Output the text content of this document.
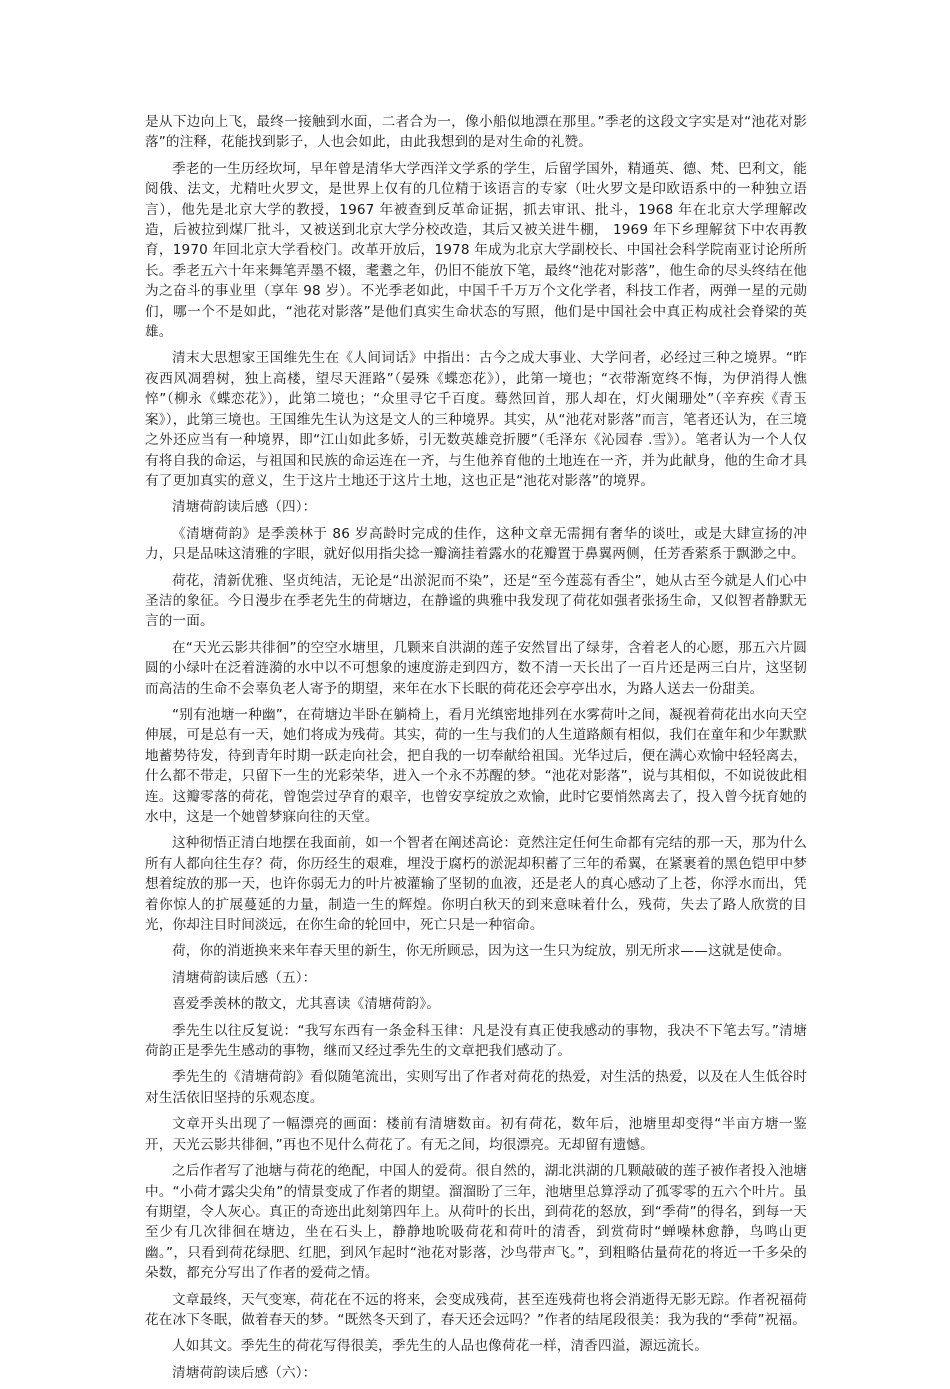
是从下边向上飞，最终一接触到水面，二者合为一，像小船似地漂在那里。”季老的这段文字实是对“池花对影落”的注释，花能找到影子，人也会如此，由此我想到的是对生命的礼赞。

季老的一生历经坎坷，早年曾是清华大学西洋文学系的学生，后留学国外，精通英、德、梵、巴利文，能阅俄、法文，尤精吐火罗文，是世界上仅有的几位精于该语言的专家（吐火罗文是印欧语系中的一种独立语言），他先是北京大学的教授，1967 年被查到反革命证据，抓去审讯、批斗，1968 年在北京大学理解改造，后被拉到煤厂批斗，又被送到北京大学分校改造，其后又被关进牛棚， 1969 年下乡理解贫下中农再教育，1970 年回北京大学看校门。改革开放后，1978 年成为北京大学副校长、中国社会科学院南亚讨论所所长。季老五六十年来舞笔弄墨不辍，耄耋之年，仍旧不能放下笔，最终“池花对影落”，他生命的尽头终结在他为之奋斗的事业里（享年 98 岁）。不光季老如此，中国千千万万个文化学者，科技工作者，两弹一星的元勋们，哪一个不是如此，“池花对影落”是他们真实生命状态的写照，他们是中国社会中真正构成社会脊梁的英雄。

清末大思想家王国维先生在《人间词话》中指出：古今之成大事业、大学问者，必经过三种之境界。“昨夜西风凋碧树，独上高楼，望尽天涯路”（晏殊《蝶恋花》），此第一境也；“衣带渐宽终不悔，为伊消得人憔悴”（柳永《蝶恋花》），此第二境也；“众里寻它千百度。蓦然回首，那人却在，灯火阑珊处”（辛弃疾《青玉案》），此第三境也。王国维先生认为这是文人的三种境界。其实，从“池花对影落”而言，笔者还认为，在三境之外还应当有一种境界，即“江山如此多娇，引无数英雄竞折腰”（毛泽东《沁园春 .雪》）。笔者认为一个人仅有将自我的命运，与祖国和民族的命运连在一齐，与生他养育他的土地连在一齐，并为此献身，他的生命才具有了更加真实的意义，生于这片土地还于这片土地，这也正是“池花对影落”的境界。

清塘荷韵读后感（四）：

《清塘荷韵》是季羡林于 86 岁高龄时完成的佳作，这种文章无需拥有奢华的谈吐，或是大肆宣扬的冲力，只是品味这清雅的字眼，就好似用指尖捻一瓣滴挂着露水的花瓣置于鼻翼两侧，任芳香萦系于飘渺之中。

荷花，清新优雅、坚贞纯洁，无论是“出淤泥而不染”，还是“至今莲蕊有香尘”，她从古至今就是人们心中圣洁的象征。今日漫步在季老先生的荷塘边，在静谧的典雅中我发现了荷花如强者张扬生命，又似智者静默无言的一面。

在“天光云影共徘徊”的空空水塘里，几颗来自洪湖的莲子安然冒出了绿芽，含着老人的心愿，那五六片圆圆的小绿叶在泛着涟漪的水中以不可想象的速度游走到四方，数不清一天长出了一百片还是两三白片，这坚韧而高洁的生命不会辜负老人寄予的期望，来年在水下长眠的荷花还会亭亭出水，为路人送去一份甜美。

“别有池塘一种幽”，在荷塘边半卧在躺椅上，看月光缜密地排列在水雾荷叶之间，凝视着荷花出水向天空伸展，可是总有一天，她们将成为残荷。其实，荷的一生与我们的人生道路颇有相似，我们在童年和少年默默地蓄势待发，待到青年时期一跃走向社会，把自我的一切奉献给祖国。光华过后，便在满心欢愉中轻轻离去，什么都不带走，只留下一生的光彩荣华，进入一个永不苏醒的梦。“池花对影落”，说与其相似，不如说彼此相连。这瓣零落的荷花，曾饱尝过孕育的艰辛，也曾安享绽放之欢愉，此时它要悄然离去了，投入曾今抚育她的水中，这是一个她曾梦寐向往的天堂。

这种彻悟正清白地摆在我面前，如一个智者在阐述高论：竟然注定任何生命都有完结的那一天，那为什么所有人都向往生存？荷，你历经生的艰难，埋没于腐朽的淤泥却积蓄了三年的希翼，在紧裹着的黑色铠甲中梦想着绽放的那一天，也许你弱无力的叶片被灌输了坚韧的血液，还是老人的真心感动了上苍，你浮水而出，凭着你惊人的扩展蔓延的力量，制造一生的辉煌。你明白秋天的到来意味着什么，残荷，失去了路人欣赏的目光，你却注目时间淡远，在你生命的轮回中，死亡只是一种宿命。

荷，你的消逝换来来年春天里的新生，你无所顾忌，因为这一生只为绽放，别无所求——这就是使命。

清塘荷韵读后感（五）：

喜爱季羡林的散文，尤其喜读《清塘荷韵》。

季先生以往反复说：“我写东西有一条金科玉律：凡是没有真正使我感动的事物，我决不下笔去写。”清塘荷韵正是季先生感动的事物，继而又经过季先生的文章把我们感动了。

季先生的《清塘荷韵》看似随笔流出，实则写出了作者对荷花的热爱，对生活的热爱，以及在人生低谷时对生活依旧坚持的乐观态度。

文章开头出现了一幅漂亮的画面：楼前有清塘数亩。初有荷花，数年后，池塘里却变得“半亩方塘一鉴开，天光云影共徘徊，”再也不见什么荷花了。有无之间，均很漂亮。无却留有遗憾。

之后作者写了池塘与荷花的绝配，中国人的爱荷。很自然的，湖北洪湖的几颗敲破的莲子被作者投入池塘中。“小荷才露尖尖角”的情景变成了作者的期望。溜溜盼了三年，池塘里总算浮动了孤零零的五六个叶片。虽有期望，令人灰心。真正的奇迹出此刻第四年上。从荷叶的长出，到荷花的怒放，到“季荷”的得名，到每一天至少有几次徘徊在塘边，坐在石头上，静静地吮吸荷花和荷叶的清香，到赏荷时“蝉噪林愈静，鸟鸣山更幽。”，只看到荷花绿肥、红肥，到风乍起时“池花对影落，沙鸟带声飞。”，到粗略估量荷花的将近一千多朵的朵数，都充分写出了作者的爱荷之情。

文章最终，天气变寒，荷花在不远的将来，会变成残荷，甚至连残荷也将会消逝得无影无踪。作者祝福荷花在冰下冬眠，做着春天的梦。“既然冬天到了，春天还会远吗？”作者的结尾段很美：我为我的“季荷”祝福。

人如其文。季先生的荷花写得很美，季先生的人品也像荷花一样，清香四溢，源远流长。

清塘荷韵读后感（六）：
